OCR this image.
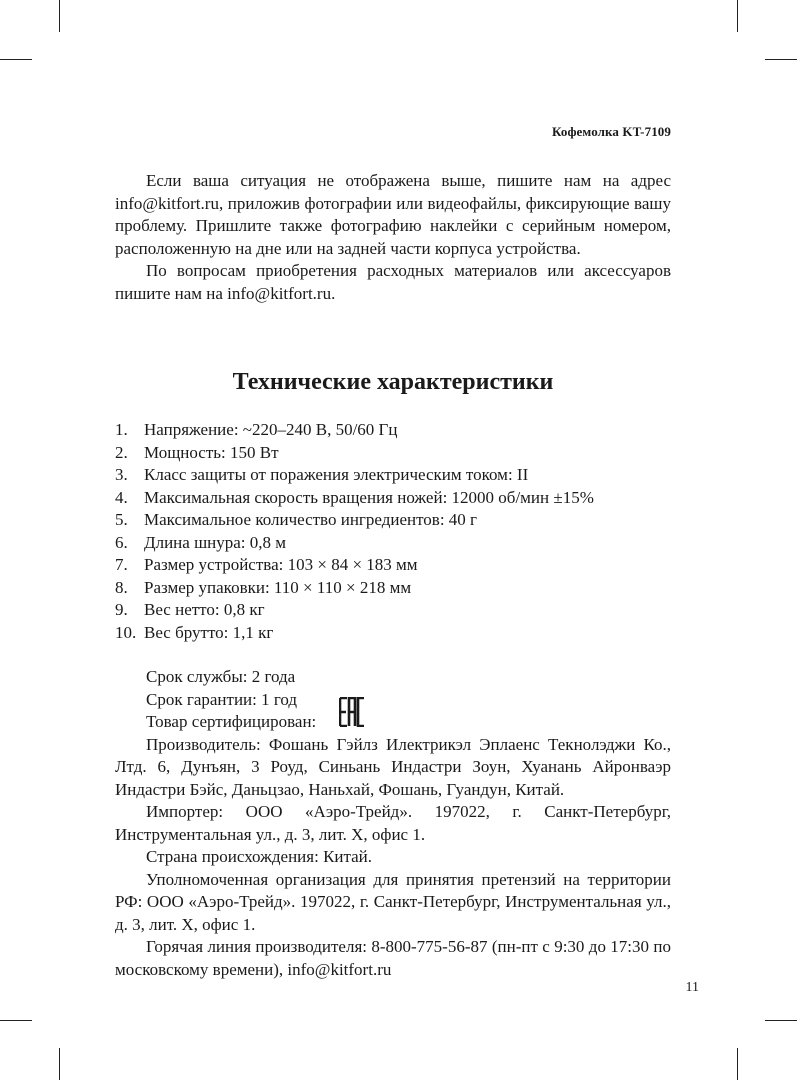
Кофемолка KT-7109

Если ваша ситуация не отображена выше, пишите нам на адрес info@kitfort.ru, приложив фотографии или видеофайлы, фиксирующие вашу проблему. Пришлите также фотографию наклейки с серийным номером, расположенную на дне или на задней части корпуса устройства.

По вопросам приобретения расходных материалов или аксессуаров пишите нам на info@kitfort.ru.

Технические характеристики
1. Напряжение: ~220–240 В, 50/60 Гц
2. Мощность: 150 Вт
3. Класс защиты от поражения электрическим током: II
4. Максимальная скорость вращения ножей: 12000 об/мин ±15%
5. Максимальное количество ингредиентов: 40 г
6. Длина шнура: 0,8 м
7. Размер устройства: 103 × 84 × 183 мм
8. Размер упаковки: 110 × 110 × 218 мм
9. Вес нетто: 0,8 кг
10. Вес брутто: 1,1 кг

Срок службы: 2 года

Срок гарантии: 1 год

Товар сертифицирован:

Производитель: Фошань Гэйлз Илектрикэл Эплаенс Текнолэджи Ко., Лтд. 6, Дунъян, 3 Роуд, Синьань Индастри Зоун, Хуанань Айронваэр Индастри Бэйс, Даньцзао, Наньхай, Фошань, Гуандун, Китай.

Импортер: ООО «Аэро-Трейд». 197022, г. Санкт-Петербург, Инструментальная ул., д. 3, лит. Х, офис 1.

Страна происхождения: Китай.

Уполномоченная организация для принятия претензий на территории РФ: ООО «Аэро-Трейд». 197022, г. Санкт-Петербург, Инструментальная ул., д. 3, лит. Х, офис 1.

Горячая линия производителя: 8-800-775-56-87 (пн-пт с 9:30 до 17:30 по московскому времени), info@kitfort.ru

11
